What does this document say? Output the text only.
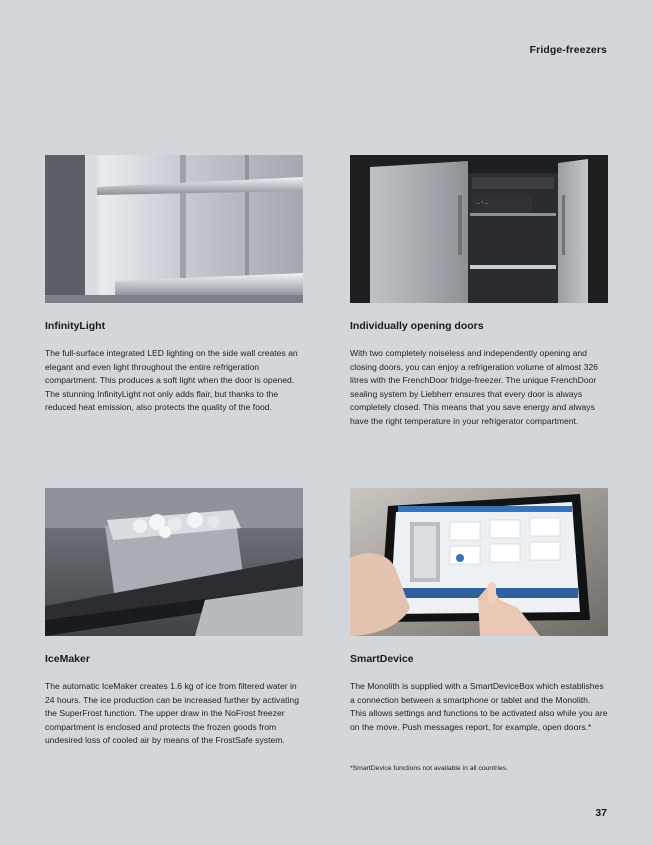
Fridge-freezers
— ° —
InfinityLight
The full-surface integrated LED lighting on the side wall creates an elegant and even light throughout the entire refrigeration compartment. This produces a soft light when the door is opened. The stunning InfinityLight not only adds flair, but thanks to the reduced heat emission, also protects the quality of the food.
Individually opening doors
With two completely noiseless and independently opening and closing doors, you can enjoy a refrigeration volume of almost 326 litres with the FrenchDoor fridge-freezer. The unique FrenchDoor sealing system by Liebherr ensures that every door is always completely closed. This means that you save energy and always have the right temperature in your refrigerator compartment.
IceMaker
The automatic IceMaker creates 1.6 kg of ice from filtered water in 24 hours. The ice production can be increased further by activating the SuperFrost function. The upper draw in the NoFrost freezer compartment is enclosed and protects the frozen goods from undesired loss of cooled air by means of the FrostSafe system.
SmartDevice
The Monolith is supplied with a SmartDeviceBox which establishes a connection between a smartphone or tablet and the Monolith. This allows settings and functions to be activated also while you are on the move. Push messages report, for example, open doors.*
*SmartDevice functions not available in all countries.
37
